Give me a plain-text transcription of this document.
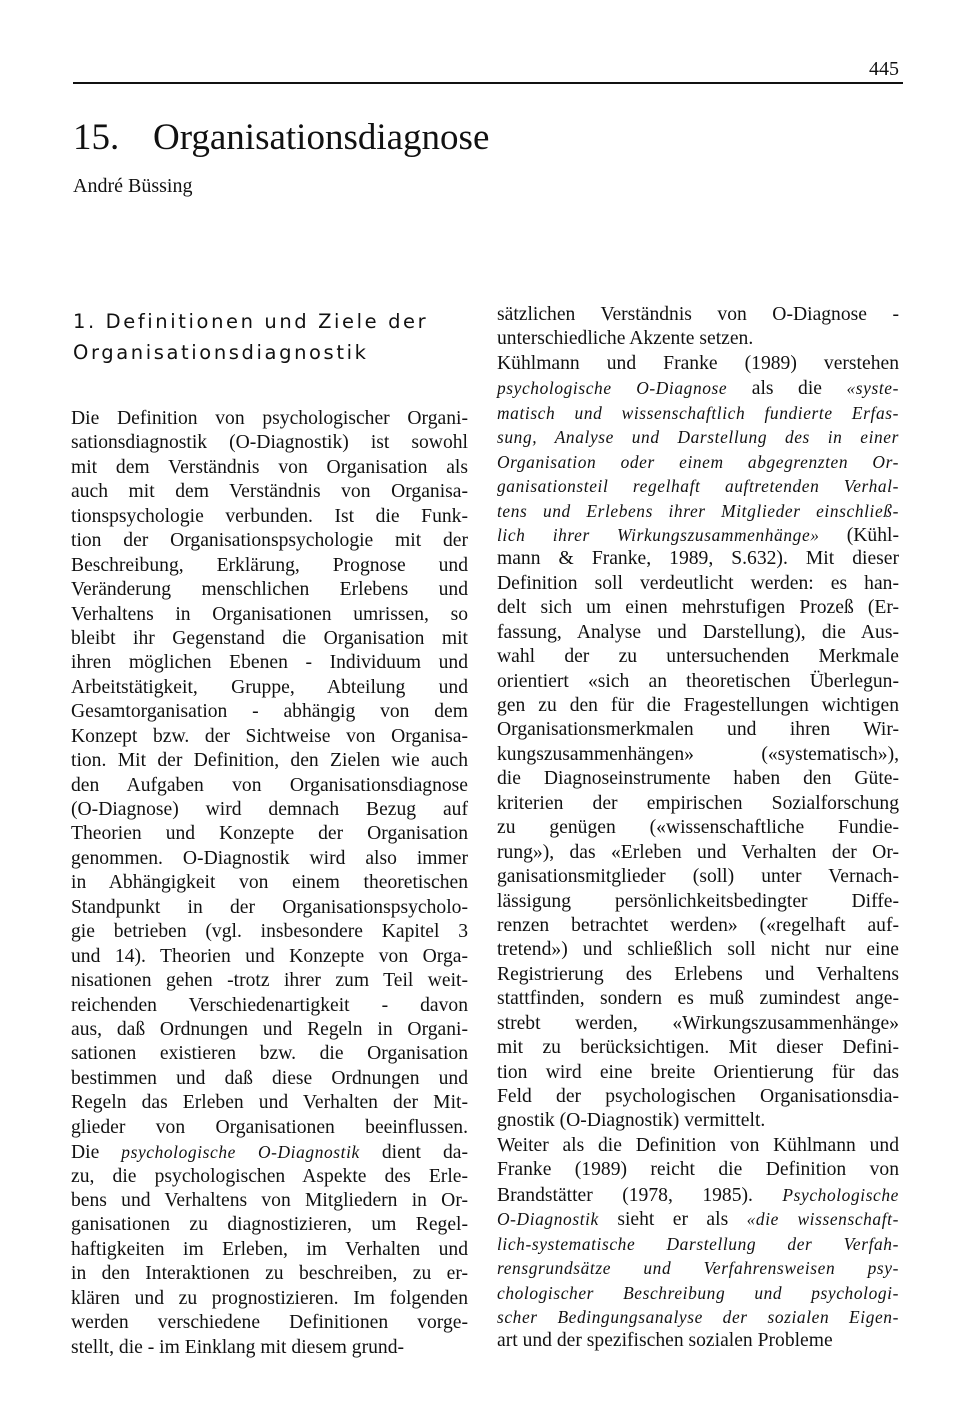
445
15. Organisationsdiagnose
André Büssing
1. Definitionen und Ziele der
Organisationsdiagnostik
Die Definition von psychologischer Organi-
sationsdiagnostik (O-Diagnostik) ist sowohl
mit dem Verständnis von Organisation als
auch mit dem Verständnis von Organisa-
tionspsychologie verbunden. Ist die Funk-
tion der Organisationspsychologie mit der
Beschreibung, Erklärung, Prognose und
Veränderung menschlichen Erlebens und
Verhaltens in Organisationen umrissen, so
bleibt ihr Gegenstand die Organisation mit
ihren möglichen Ebenen - Individuum und
Arbeitstätigkeit, Gruppe, Abteilung und
Gesamtorganisation - abhängig von dem
Konzept bzw. der Sichtweise von Organisa-
tion. Mit der Definition, den Zielen wie auch
den Aufgaben von Organisationsdiagnose
(O-Diagnose) wird demnach Bezug auf
Theorien und Konzepte der Organisation
genommen. O-Diagnostik wird also immer
in Abhängigkeit von einem theoretischen
Standpunkt in der Organisationspsycholo-
gie betrieben (vgl. insbesondere Kapitel 3
und 14). Theorien und Konzepte von Orga-
nisationen gehen -trotz ihrer zum Teil weit-
reichenden Verschiedenartigkeit - davon
aus, daß Ordnungen und Regeln in Organi-
sationen existieren bzw. die Organisation
bestimmen und daß diese Ordnungen und
Regeln das Erleben und Verhalten der Mit-
glieder von Organisationen beeinflussen.
Die psychologische O-Diagnostik dient da-
zu, die psychologischen Aspekte des Erle-
bens und Verhaltens von Mitgliedern in Or-
ganisationen zu diagnostizieren, um Regel-
haftigkeiten im Erleben, im Verhalten und
in den Interaktionen zu beschreiben, zu er-
klären und zu prognostizieren. Im folgenden
werden verschiedene Definitionen vorge-
stellt, die - im Einklang mit diesem grund-
sätzlichen Verständnis von O-Diagnose -
unterschiedliche Akzente setzen.
Kühlmann und Franke (1989) verstehen
psychologische O-Diagnose als die «syste-
matisch und wissenschaftlich fundierte Erfas-
sung, Analyse und Darstellung des in einer
Organisation oder einem abgegrenzten Or-
ganisationsteil regelhaft auftretenden Verhal-
tens und Erlebens ihrer Mitglieder einschließ-
lich ihrer Wirkungszusammenhänge» (Kühl-
mann & Franke, 1989, S.632). Mit dieser
Definition soll verdeutlicht werden: es han-
delt sich um einen mehrstufigen Prozeß (Er-
fassung, Analyse und Darstellung), die Aus-
wahl der zu untersuchenden Merkmale
orientiert «sich an theoretischen Überlegun-
gen zu den für die Fragestellungen wichtigen
Organisationsmerkmalen und ihren Wir-
kungszusammenhängen» («systematisch»),
die Diagnoseinstrumente haben den Güte-
kriterien der empirischen Sozialforschung
zu genügen («wissenschaftliche Fundie-
rung»), das «Erleben und Verhalten der Or-
ganisationsmitglieder (soll) unter Vernach-
lässigung persönlichkeitsbedingter Diffe-
renzen betrachtet werden» («regelhaft auf-
tretend») und schließlich soll nicht nur eine
Registrierung des Erlebens und Verhaltens
stattfinden, sondern es muß zumindest ange-
strebt werden, «Wirkungszusammenhänge»
mit zu berücksichtigen. Mit dieser Defini-
tion wird eine breite Orientierung für das
Feld der psychologischen Organisationsdia-
gnostik (O-Diagnostik) vermittelt.
Weiter als die Definition von Kühlmann und
Franke (1989) reicht die Definition von
Brandstätter (1978, 1985). Psychologische
O-Diagnostik sieht er als «die wissenschaft-
lich-systematische Darstellung der Verfah-
rensgrundsätze und Verfahrensweisen psy-
chologischer Beschreibung und psychologi-
scher Bedingungsanalyse der sozialen Eigen-
art und der spezifischen sozialen Probleme
